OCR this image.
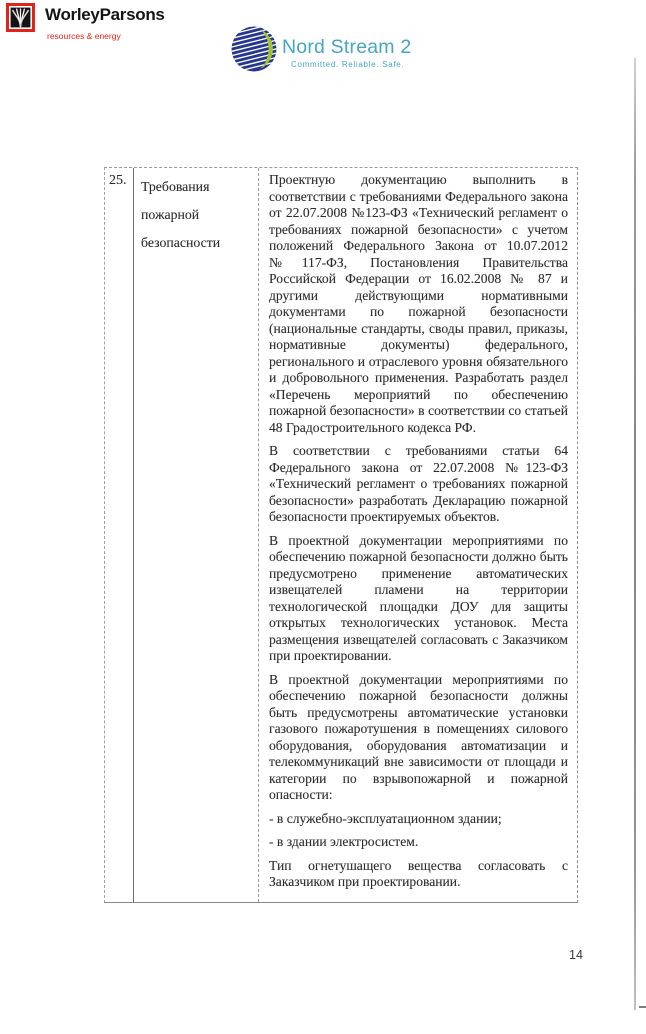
WorleyParsons
resources & energy	Nord Stream 2
Committed. Reliable. Safe.
25.	Требования пожарной безопасности

Проектную документацию выполнить в соответствии с требованиями Федерального закона от 22.07.2008 №123-ФЗ «Технический регламент о требованиях пожарной безопасности» с учетом положений Федерального Закона от 10.07.2012 №117-ФЗ, Постановления Правительства Российской Федерации от 16.02.2008 № 87 и другими действующими нормативными документами по пожарной безопасности (национальные стандарты, своды правил, приказы, нормативные документы) федерального, регионального и отраслевого уровня обязательного и добровольного применения. Разработать раздел «Перечень мероприятий по обеспечению пожарной безопасности» в соответствии со статьей 48 Градостроительного кодекса РФ.

В соответствии с требованиями статьи 64 Федерального закона от 22.07.2008 №123-ФЗ «Технический регламент о требованиях пожарной безопасности» разработать Декларацию пожарной безопасности проектируемых объектов.

В проектной документации мероприятиями по обеспечению пожарной безопасности должно быть предусмотрено применение автоматических извещателей пламени на территории технологической площадки ДОУ для защиты открытых технологических установок. Места размещения извещателей согласовать с Заказчиком при проектировании.

В проектной документации мероприятиями по обеспечению пожарной безопасности должны быть предусмотрены автоматические установки газового пожаротушения в помещениях силового оборудования, оборудования автоматизации и телекоммуникаций вне зависимости от площади и категории по взрывопожарной и пожарной опасности:

- в служебно-эксплуатационном здании;

- в здании электросистем.

Тип огнетушащего вещества согласовать с Заказчиком при проектировании.

14
